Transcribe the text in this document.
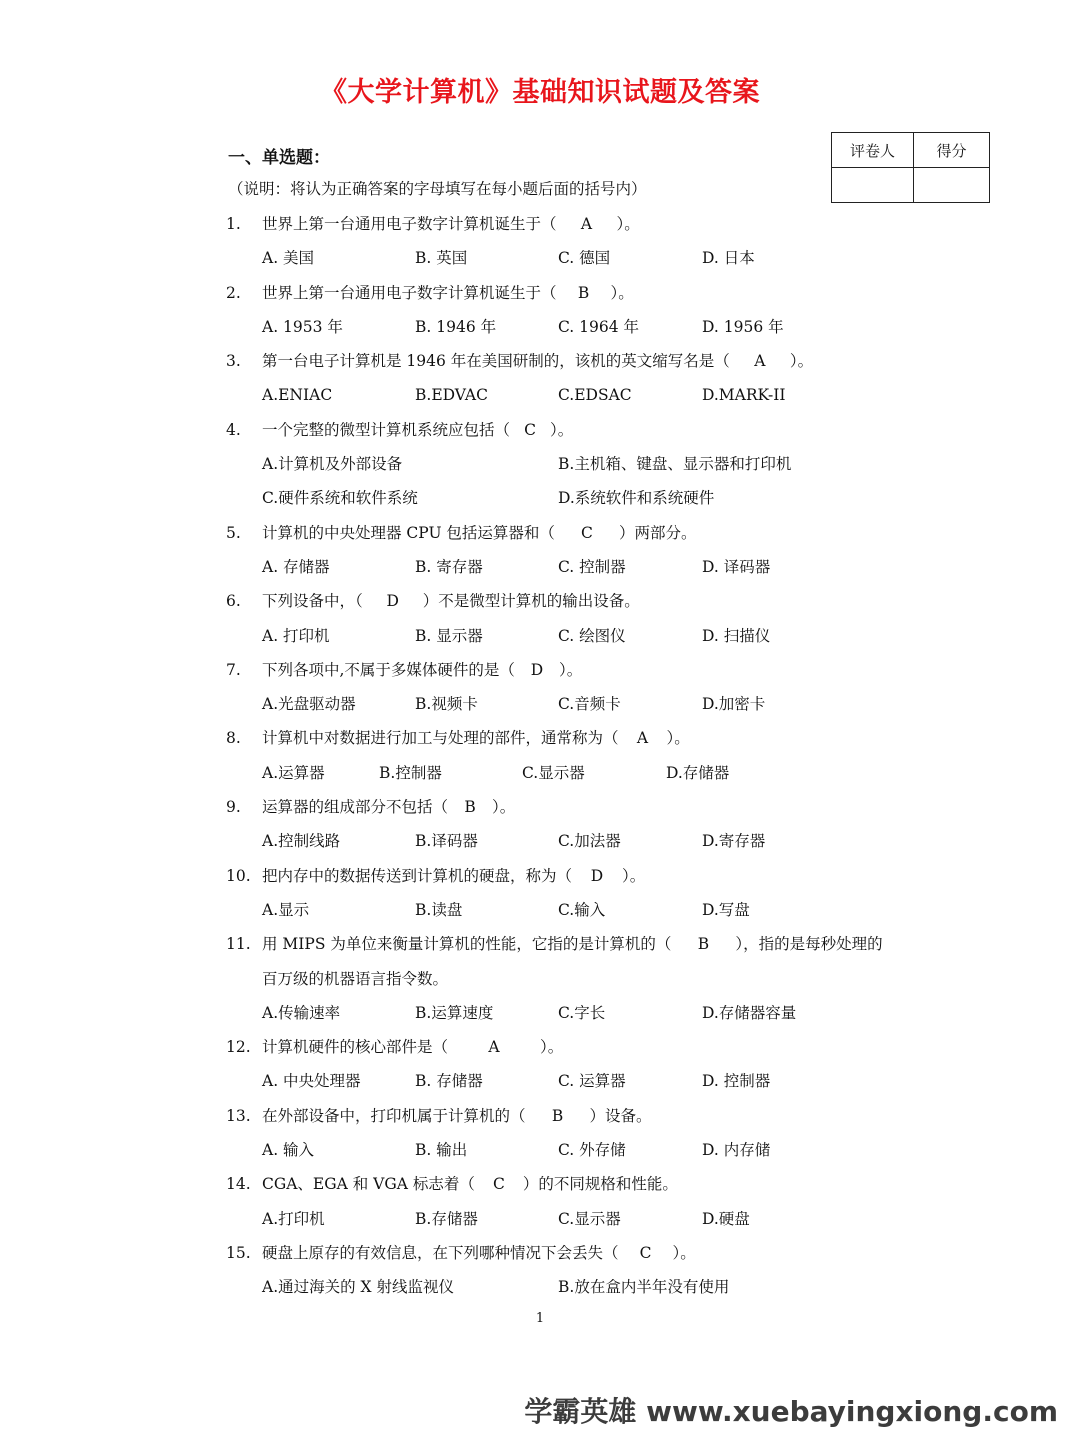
《大学计算机》基础知识试题及答案
一、单选题：
（说明：将认为正确答案的字母填写在每小题后面的括号内）
评卷人	得分

1. 世界上第一台通用电子数字计算机诞生于（ A ）。
A. 美国	B. 英国	C. 德国	D. 日本
2. 世界上第一台通用电子数字计算机诞生于（ B ）。
A. 1953 年	B. 1946 年	C. 1964 年	D. 1956 年
3. 第一台电子计算机是 1946 年在美国研制的，该机的英文缩写名是（ A ）。
A.ENIAC	B.EDVAC	C.EDSAC	D.MARK-II
4. 一个完整的微型计算机系统应包括（ C ）。
A.计算机及外部设备	B.主机箱、键盘、显示器和打印机
C.硬件系统和软件系统	D.系统软件和系统硬件
5. 计算机的中央处理器 CPU 包括运算器和（ C ）两部分。
A. 存储器	B. 寄存器	C. 控制器	D. 译码器
6. 下列设备中，（ D ）不是微型计算机的输出设备。
A. 打印机	B. 显示器	C. 绘图仪	D. 扫描仪
7. 下列各项中,不属于多媒体硬件的是（ D ）。
A.光盘驱动器	B.视频卡	C.音频卡	D.加密卡
8. 计算机中对数据进行加工与处理的部件，通常称为（ A ）。
A.运算器	B.控制器	C.显示器	D.存储器
9. 运算器的组成部分不包括（ B ）。
A.控制线路	B.译码器	C.加法器	D.寄存器
10. 把内存中的数据传送到计算机的硬盘，称为（ D ）。
A.显示	B.读盘	C.输入	D.写盘
11. 用 MIPS 为单位来衡量计算机的性能，它指的是计算机的（ B ），指的是每秒处理的
百万级的机器语言指令数。
A.传输速率	B.运算速度	C.字长	D.存储器容量
12. 计算机硬件的核心部件是（	A	）。
A. 中央处理器	B. 存储器	C. 运算器	D. 控制器
13. 在外部设备中，打印机属于计算机的（ B ）设备。
A. 输入	B. 输出	C. 外存储	D. 内存储
14. CGA、EGA 和 VGA 标志着（ C ）的不同规格和性能。
A.打印机	B.存储器	C.显示器	D.硬盘
15. 硬盘上原存的有效信息，在下列哪种情况下会丢失（ C ）。
A.通过海关的 X 射线监视仪	B.放在盒内半年没有使用
1
学霸英雄 www.xuebayingxiong.com
